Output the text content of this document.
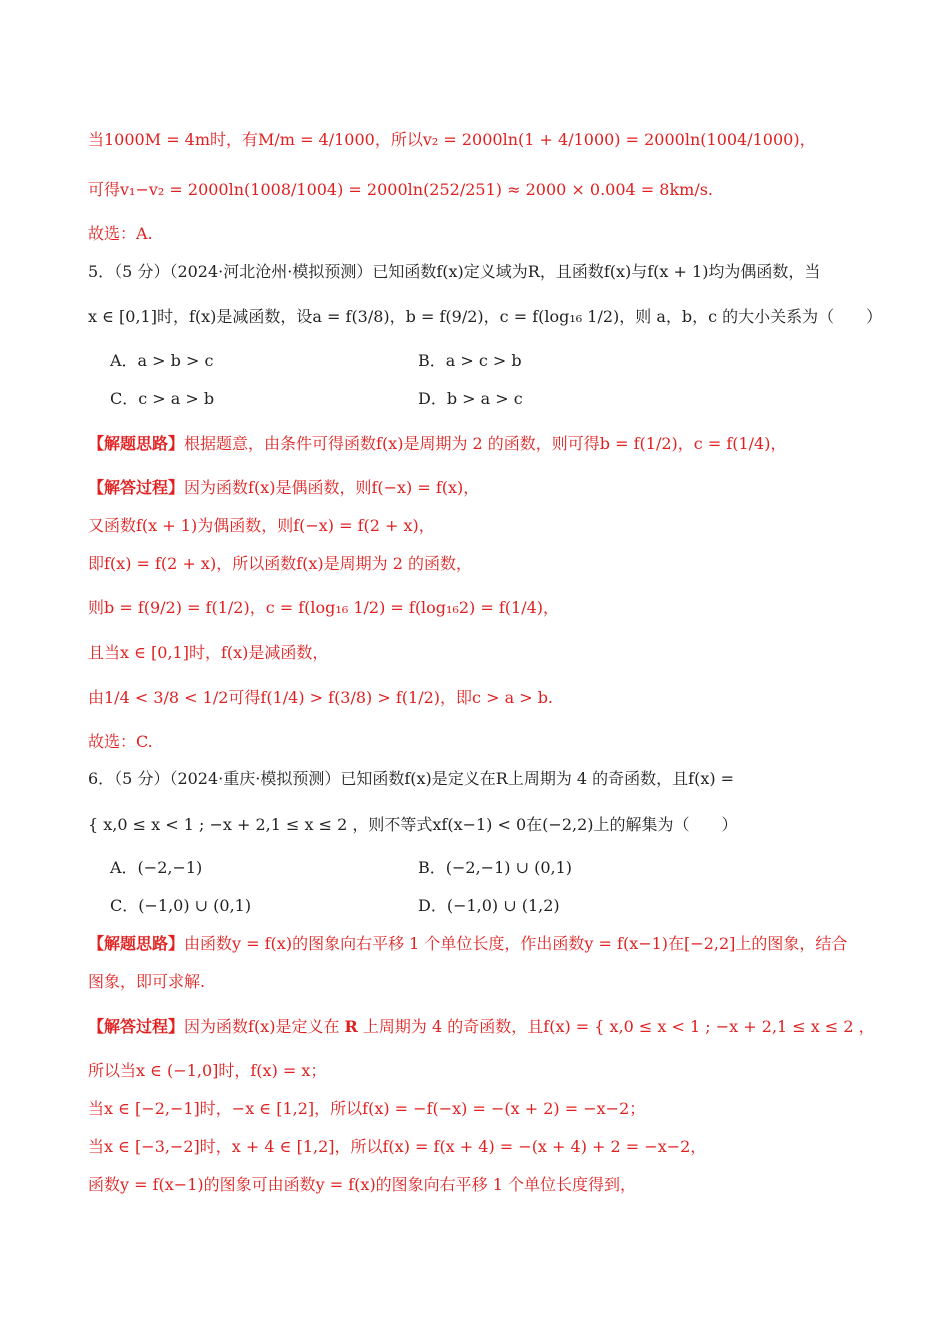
当1000M = 4m时，有M/m = 4/1000，所以v₂ = 2000ln(1 + 4/1000) = 2000ln(1004/1000)，
可得v₁−v₂ = 2000ln(1008/1004) = 2000ln(252/251) ≈ 2000 × 0.004 = 8km/s.
故选：A.
5．（5 分）（2024·河北沧州·模拟预测）已知函数f(x)定义域为R，且函数f(x)与f(x + 1)均为偶函数，当
x ∈ [0,1]时，f(x)是减函数，设a = f(3/8)，b = f(9/2)，c = f(log₁₆ 1/2)，则 a，b，c 的大小关系为（　　）
A．a > b > c	B．a > c > b
C．c > a > b	D．b > a > c
【解题思路】根据题意，由条件可得函数f(x)是周期为 2 的函数，则可得b = f(1/2)，c = f(1/4)，
【解答过程】因为函数f(x)是偶函数，则f(−x) = f(x)，
又函数f(x + 1)为偶函数，则f(−x) = f(2 + x)，
即f(x) = f(2 + x)，所以函数f(x)是周期为 2 的函数，
则b = f(9/2) = f(1/2)，c = f(log₁₆ 1/2) = f(log₁₆2) = f(1/4)，
且当x ∈ [0,1]时，f(x)是减函数，
由1/4 < 3/8 < 1/2可得f(1/4) > f(3/8) > f(1/2)，即c > a > b.
故选：C.
6．（5 分）（2024·重庆·模拟预测）已知函数f(x)是定义在R上周期为 4 的奇函数，且f(x) =
{ x,0 ≤ x < 1 ; −x + 2,1 ≤ x ≤ 2 ，则不等式xf(x−1) < 0在(−2,2)上的解集为（　　）
A．(−2,−1)	B．(−2,−1) ∪ (0,1)
C．(−1,0) ∪ (0,1)	D．(−1,0) ∪ (1,2)
【解题思路】由函数y = f(x)的图象向右平移 1 个单位长度，作出函数y = f(x−1)在[−2,2]上的图象，结合
图象，即可求解.
【解答过程】因为函数f(x)是定义在 R 上周期为 4 的奇函数，且f(x) = { x,0 ≤ x < 1 ; −x + 2,1 ≤ x ≤ 2 ，
所以当x ∈ (−1,0]时，f(x) = x；
当x ∈ [−2,−1]时，−x ∈ [1,2]，所以f(x) = −f(−x) = −(x + 2) = −x−2；
当x ∈ [−3,−2]时，x + 4 ∈ [1,2]，所以f(x) = f(x + 4) = −(x + 4) + 2 = −x−2，
函数y = f(x−1)的图象可由函数y = f(x)的图象向右平移 1 个单位长度得到，
